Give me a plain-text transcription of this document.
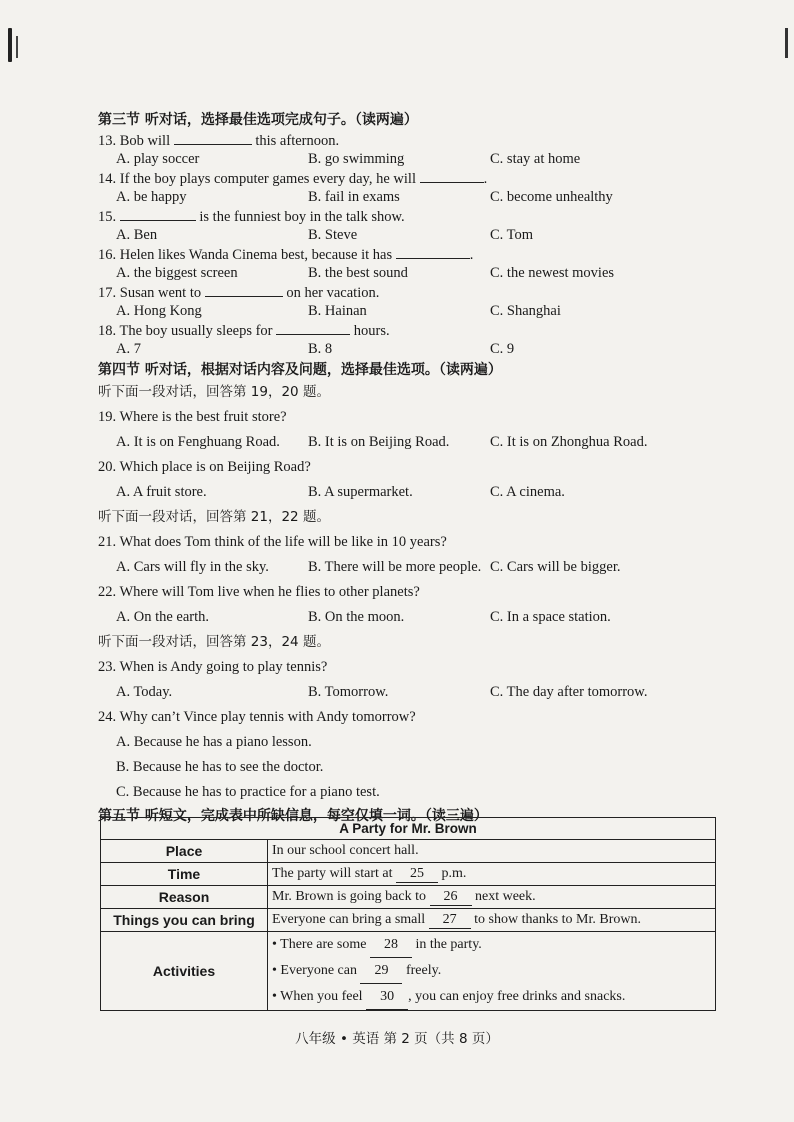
第三节 听对话，选择最佳选项完成句子。（读两遍）

13. Bob will	this afternoon.

A. play soccer	B. go swimming	C. stay at home

14. If the boy plays computer games every day, he will	.

A. be happy	B. fail in exams	C. become unhealthy

15.	is the funniest boy in the talk show.

A. Ben	B. Steve	C. Tom

16. Helen likes Wanda Cinema best, because it has	.

A. the biggest screen	B. the best sound	C. the newest movies

17. Susan went to	on her vacation.

A. Hong Kong	B. Hainan	C. Shanghai

18. The boy usually sleeps for	hours.

A. 7	B. 8	C. 9

第四节 听对话，根据对话内容及问题，选择最佳选项。（读两遍）

听下面一段对话，回答第 19，20 题。

19. Where is the best fruit store?

A. It is on Fenghuang Road.	B. It is on Beijing Road.	C. It is on Zhonghua Road.

20. Which place is on Beijing Road?

A. A fruit store.	B. A supermarket.	C. A cinema.

听下面一段对话，回答第 21，22 题。

21. What does Tom think of the life will be like in 10 years?

A. Cars will fly in the sky.	B. There will be more people. C. Cars will be bigger.

22. Where will Tom live when he flies to other planets?

A. On the earth.	B. On the moon.	C. In a space station.

听下面一段对话，回答第 23，24 题。

23. When is Andy going to play tennis?

A. Today.	B. Tomorrow.	C. The day after tomorrow.

24. Why can’t Vince play tennis with Andy tomorrow?

A. Because he has a piano lesson.
B. Because he has to see the doctor.
C. Because he has to practice for a piano test.

第五节 听短文，完成表中所缺信息，每空仅填一词。（读三遍）

A Party for Mr. Brown	
Place	In our school concert hall.
Time	The party will start at 25 p.m.
Reason	Mr. Brown is going back to 26 next week.
Things you can bring	Everyone can bring a small 27 to show thanks to Mr. Brown.
Activities	• There are some 28 in the party.
• Everyone can 29 freely.
• When you feel 30 , you can enjoy free drinks and snacks.
八年级 • 英语 第 2 页（共 8 页）
